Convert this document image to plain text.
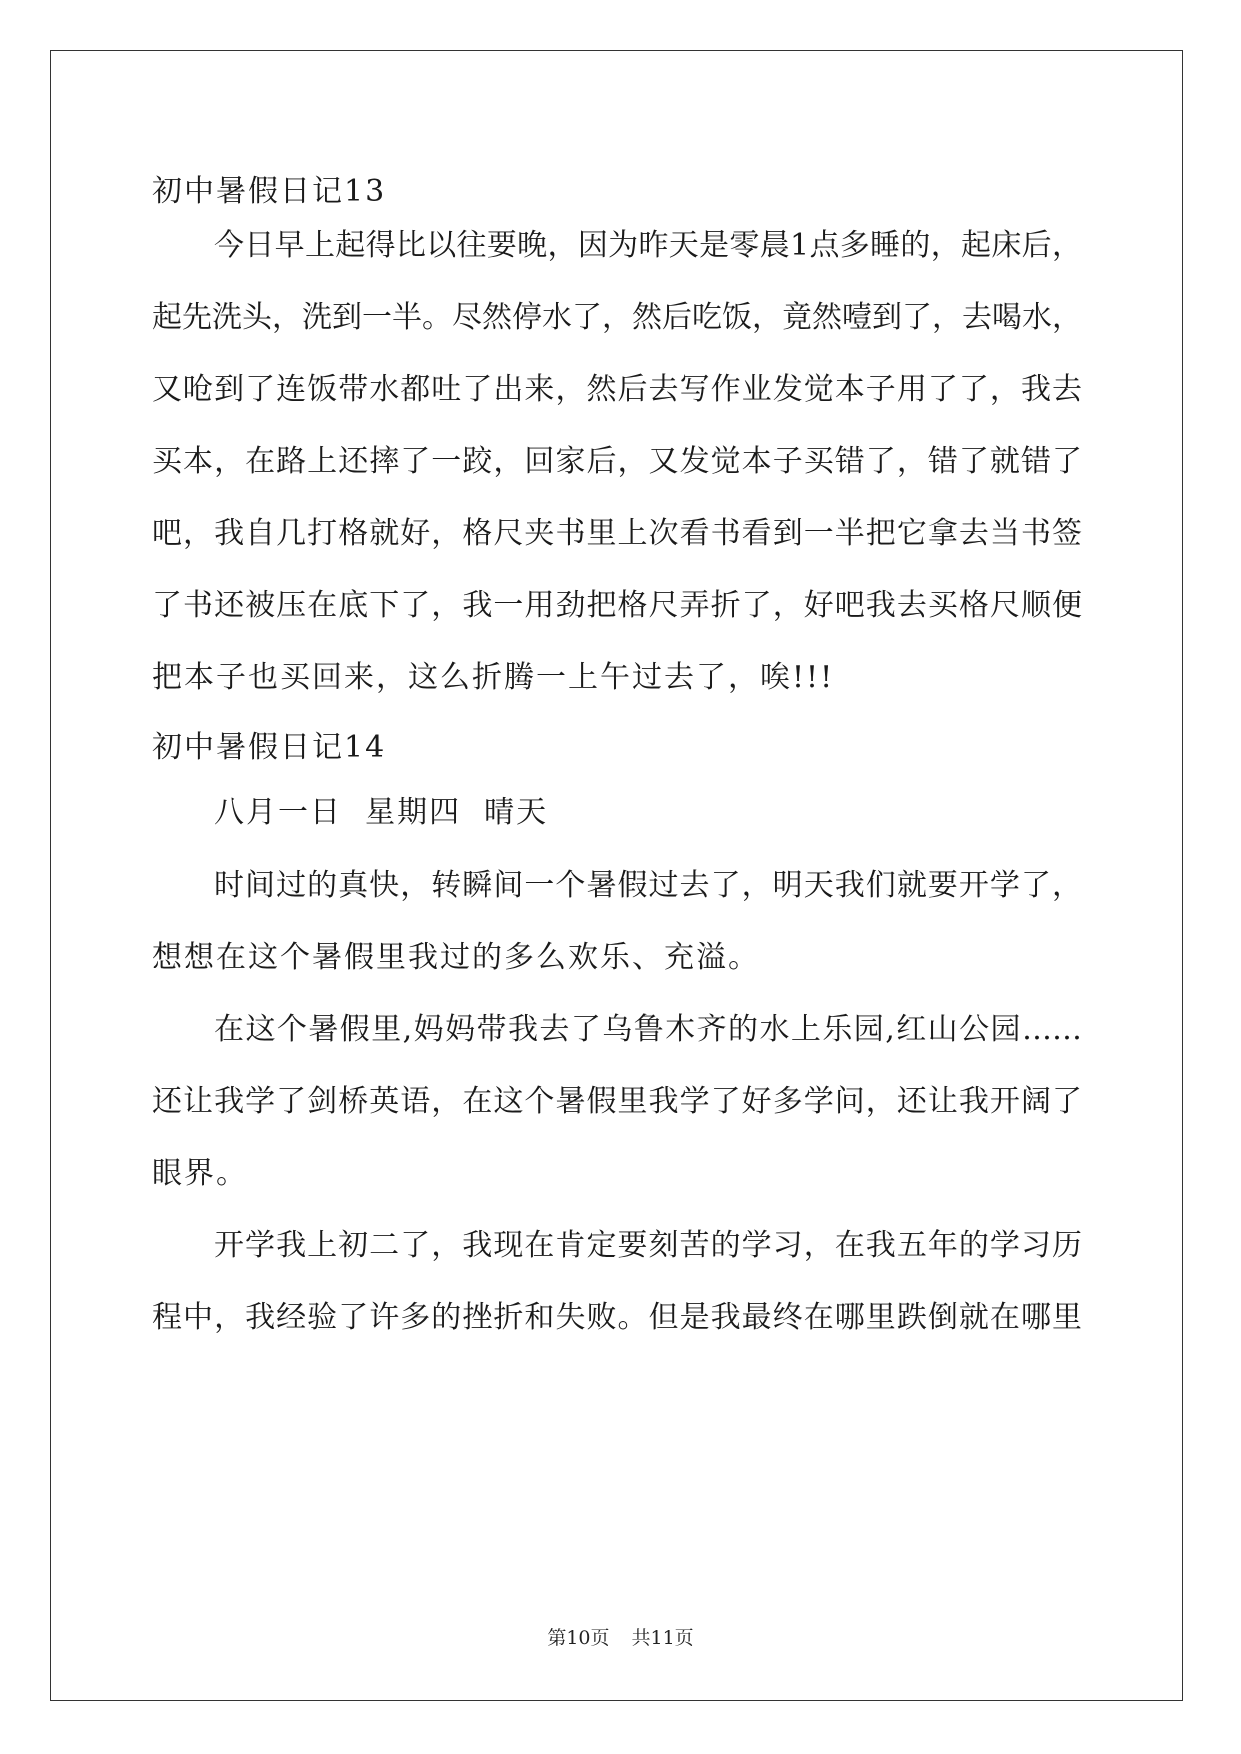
初中暑假日记13
今日早上起得比以往要晚，因为昨天是零晨1点多睡的，起床后，
起先洗头，洗到一半。尽然停水了，然后吃饭，竟然噎到了，去喝水，
又呛到了连饭带水都吐了出来，然后去写作业发觉本子用了了，我去
买本，在路上还摔了一跤，回家后，又发觉本子买错了，错了就错了
吧，我自几打格就好，格尺夹书里上次看书看到一半把它拿去当书签
了书还被压在底下了，我一用劲把格尺弄折了，好吧我去买格尺顺便
把本子也买回来，这么折腾一上午过去了，唉!!!
初中暑假日记14
八月一日  星期四  晴天
时间过的真快，转瞬间一个暑假过去了，明天我们就要开学了，
想想在这个暑假里我过的多么欢乐、充溢。
在这个暑假里,妈妈带我去了乌鲁木齐的水上乐园,红山公园……
还让我学了剑桥英语，在这个暑假里我学了好多学问，还让我开阔了
眼界。
开学我上初二了，我现在肯定要刻苦的学习，在我五年的学习历
程中，我经验了许多的挫折和失败。但是我最终在哪里跌倒就在哪里
第10页 共11页
